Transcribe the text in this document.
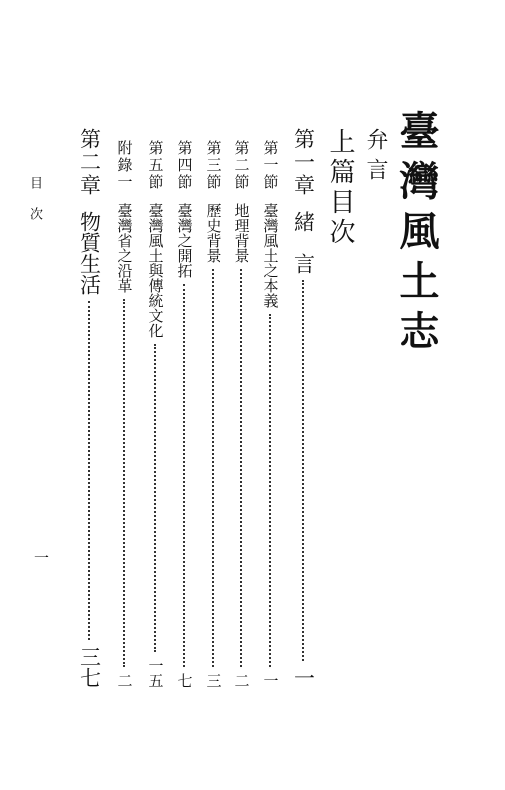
臺灣風土志
弁言
上篇目次
第一章
緒　言
一
第一節
臺灣風土之本義
一
第二節
地理背景
二
第三節
歷史背景
三
第四節
臺灣之開拓
七
第五節
臺灣風土與傳統文化
一五
附錄一
臺灣省之沿革
二
第二章
物質生活
三七
目次
一
